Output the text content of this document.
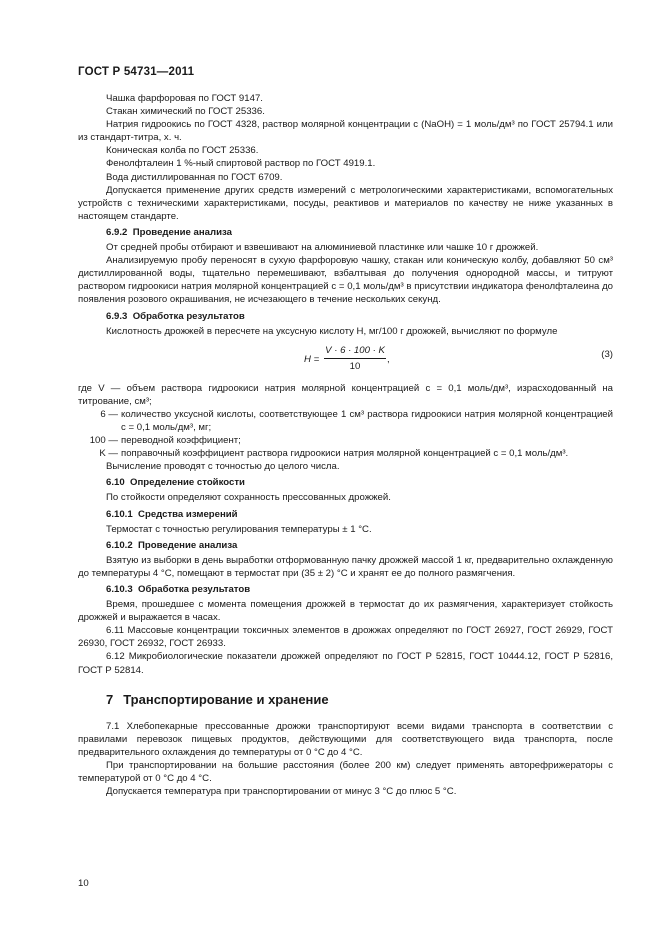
ГОСТ Р 54731—2011

Чашка фарфоровая по ГОСТ 9147.

Стакан химический по ГОСТ 25336.

Натрия гидроокись по ГОСТ 4328, раствор молярной концентрации c (NaOH) = 1 моль/дм³ по ГОСТ 25794.1 или из стандарт-титра, х. ч.

Коническая колба по ГОСТ 25336.

Фенолфталеин 1 %-ный спиртовой раствор по ГОСТ 4919.1.

Вода дистиллированная по ГОСТ 6709.

Допускается применение других средств измерений с метрологическими характеристиками, вспомогательных устройств с техническими характеристиками, посуды, реактивов и материалов по качеству не ниже указанных в настоящем стандарте.

6.9.2 Проведение анализа

От средней пробы отбирают и взвешивают на алюминиевой пластинке или чашке 10 г дрожжей.

Анализируемую пробу переносят в сухую фарфоровую чашку, стакан или коническую колбу, добавляют 50 см³ дистиллированной воды, тщательно перемешивают, взбалтывая до получения однородной массы, и титруют раствором гидроокиси натрия молярной концентрацией c = 0,1 моль/дм³ в присутствии индикатора фенолфталеина до появления розового окрашивания, не исчезающего в течение нескольких секунд.

6.9.3 Обработка результатов

Кислотность дрожжей в пересчете на уксусную кислоту H, мг/100 г дрожжей, вычисляют по формуле

$H = \frac{V \cdot 6 \cdot 100 \cdot K}{10}$ ,	(3)
где V — объем раствора гидроокиси натрия молярной концентрацией c = 0,1 моль/дм³, израсходованный на титрование, см³;
6 — количество уксусной кислоты, соответствующее 1 см³ раствора гидроокиси натрия молярной концентрацией c = 0,1 моль/дм³, мг;
100 — переводной коэффициент;
K — поправочный коэффициент раствора гидроокиси натрия молярной концентрацией c = 0,1 моль/дм³.

Вычисление проводят с точностью до целого числа.

6.10 Определение стойкости

По стойкости определяют сохранность прессованных дрожжей.

6.10.1 Средства измерений

Термостат с точностью регулирования температуры ± 1 °С.

6.10.2 Проведение анализа

Взятую из выборки в день выработки отформованную пачку дрожжей массой 1 кг, предварительно охлажденную до температуры 4 °С, помещают в термостат при (35 ± 2) °С и хранят ее до полного размягчения.

6.10.3 Обработка результатов

Время, прошедшее с момента помещения дрожжей в термостат до их размягчения, характеризует стойкость дрожжей и выражается в часах.

6.11 Массовые концентрации токсичных элементов в дрожжах определяют по ГОСТ 26927, ГОСТ 26929, ГОСТ 26930, ГОСТ 26932, ГОСТ 26933.

6.12 Микробиологические показатели дрожжей определяют по ГОСТ Р 52815, ГОСТ 10444.12, ГОСТ Р 52816, ГОСТ Р 52814.

7 Транспортирование и хранение

7.1 Хлебопекарные прессованные дрожжи транспортируют всеми видами транспорта в соответствии с правилами перевозок пищевых продуктов, действующими для соответствующего вида транспорта, после предварительного охлаждения до температуры от 0 °С до 4 °С.

При транспортировании на большие расстояния (более 200 км) следует применять авторефрижераторы с температурой от 0 °С до 4 °С.

Допускается температура при транспортировании от минус 3 °С до плюс 5 °С.

10
